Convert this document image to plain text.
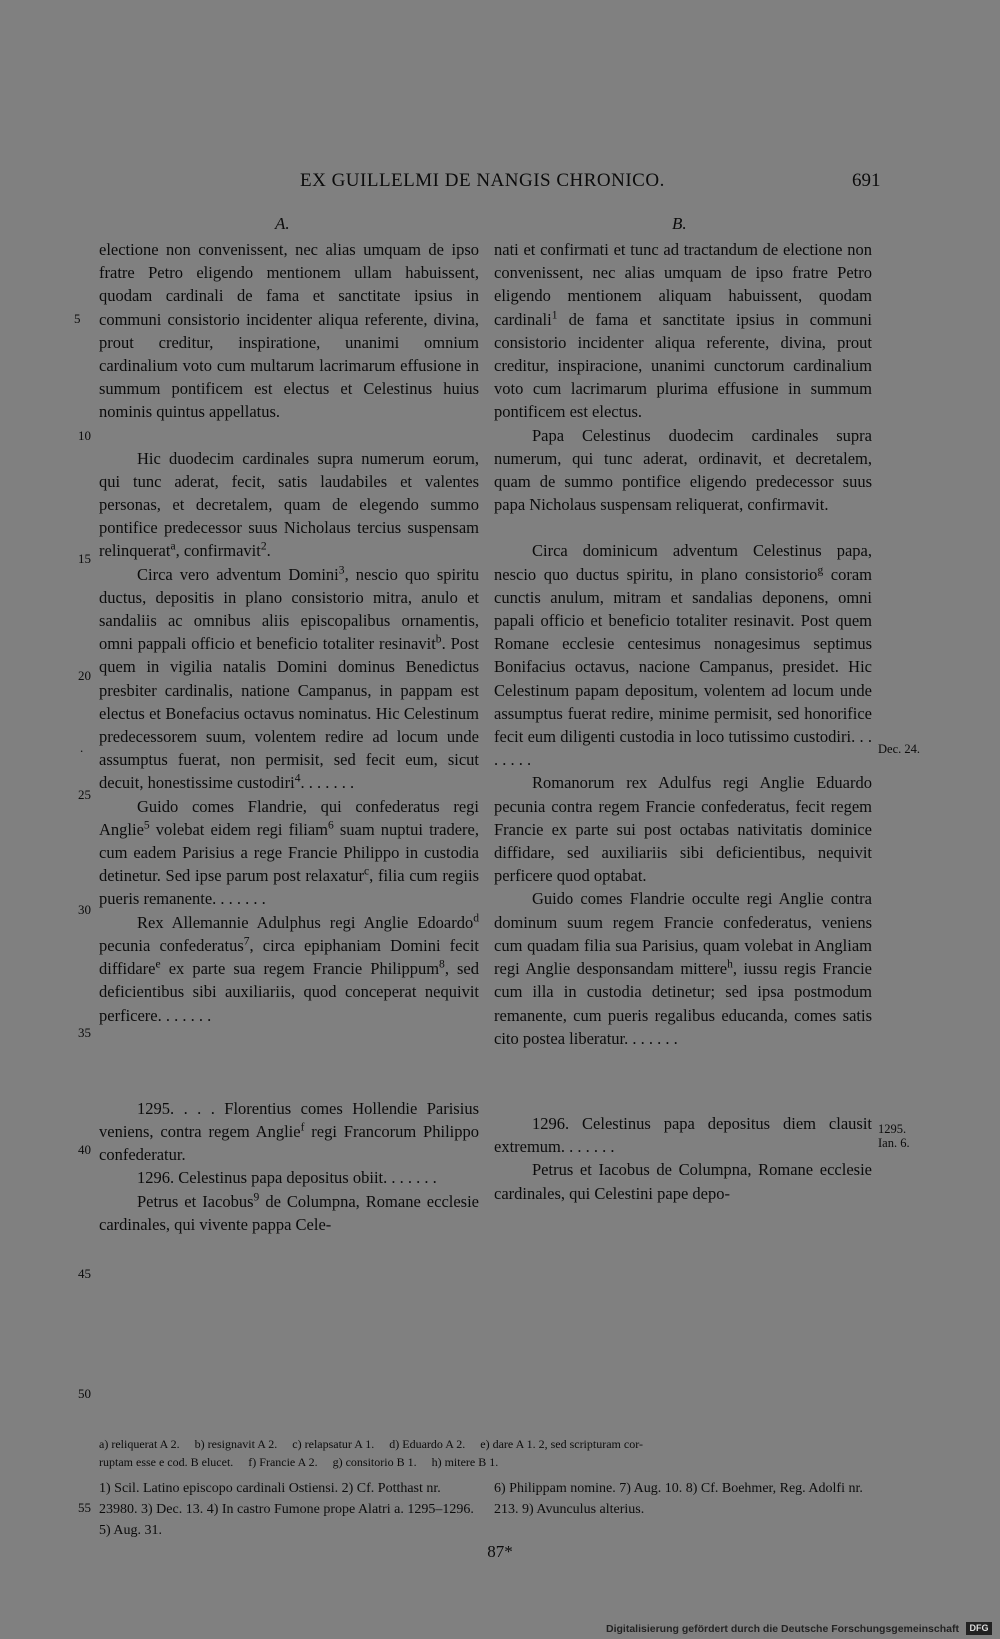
EX GUILLELMI DE NANGIS CHRONICO.	691
A.	B.

electione non convenissent, nec alias umquam de ipso fratre Petro eligendo mentionem ullam habuissent, quodam cardinali de fama et sanctitate ipsius in communi consistorio incidenter aliqua referente, divina, prout creditur, inspiratione, unanimi omnium cardinalium voto cum multarum lacrimarum effusione in summum pontificem est electus et Celestinus huius nominis quintus appellatus.

Hic duodecim cardinales supra numerum eorum, qui tunc aderat, fecit, satis laudabiles et valentes personas, et decretalem, quam de elegendo summo pontifice predecessor suus Nicholaus tercius suspensam relinquerat$^a$, confirmavit$^2$.

Circa vero adventum Domini$^3$, nescio quo spiritu ductus, depositis in plano consistorio mitra, anulo et sandaliis ac omnibus aliis episcopalibus ornamentis, omni pappali officio et beneficio totaliter resinavit$^b$. Post quem in vigilia natalis Domini dominus Benedictus presbiter cardinalis, natione Campanus, in pappam est electus et Bonefacius octavus nominatus. Hic Celestinum predecessorem suum, volentem redire ad locum unde assumptus fuerat, non permisit, sed fecit eum, sicut decuit, honestissime custodiri$^4$. . . . . . .

Guido comes Flandrie, qui confederatus regi Anglie$^5$ volebat eidem regi filiam$^6$ suam nuptui tradere, cum eadem Parisius a rege Francie Philippo in custodia detinetur. Sed ipse parum post relaxatur$^c$, filia cum regiis pueris remanente. . . . . . .

Rex Allemannie Adulphus regi Anglie Edoardo$^d$ pecunia confederatus$^7$, circa epiphaniam Domini fecit diffidare$^e$ ex parte sua regem Francie Philippum$^8$, sed deficientibus sibi auxiliariis, quod conceperat nequivit perficere. . . . . . .

1295. . . . Florentius comes Hollendie Parisius veniens, contra regem Anglie$^f$ regi Francorum Philippo confederatur.

1296. Celestinus papa depositus obiit. . . . . . .

Petrus et Iacobus$^9$ de Columpna, Romane ecclesie cardinales, qui vivente pappa Cele-

nati et confirmati et tunc ad tractandum de electione non convenissent, nec alias umquam de ipso fratre Petro eligendo mentionem aliquam habuissent, quodam cardinali$^1$ de fama et sanctitate ipsius in communi consistorio incidenter aliqua referente, divina, prout creditur, inspiracione, unanimi cunctorum cardinalium voto cum lacrimarum plurima effusione in summum pontificem est electus.

Papa Celestinus duodecim cardinales supra numerum, qui tunc aderat, ordinavit, et decretalem, quam de summo pontifice eligendo predecessor suus papa Nicholaus suspensam reliquerat, confirmavit.

Circa dominicum adventum Celestinus papa, nescio quo ductus spiritu, in plano consistorio$^g$ coram cunctis anulum, mitram et sandalias deponens, omni papali officio et beneficio totaliter resinavit. Post quem Romane ecclesie centesimus nonagesimus septimus Bonifacius octavus, nacione Campanus, presidet. Hic Celestinum papam depositum, volentem ad locum unde assumptus fuerat redire, minime permisit, sed honorifice fecit eum diligenti custodia in loco tutissimo custodiri. . . . . . . .

Romanorum rex Adulfus regi Anglie Eduardo pecunia contra regem Francie confederatus, fecit regem Francie ex parte sui post octabas nativitatis dominice diffidare, sed auxiliariis sibi deficientibus, nequivit perficere quod optabat.

Guido comes Flandrie occulte regi Anglie contra dominum suum regem Francie confederatus, veniens cum quadam filia sua Parisius, quam volebat in Angliam regi Anglie desponsandam mittere$^h$, iussu regis Francie cum illa in custodia detinetur; sed ipsa postmodum remanente, cum pueris regalibus educanda, comes satis cito postea liberatur. . . . . . .

1296. Celestinus papa depositus diem clausit extremum. . . . . . .

Petrus et Iacobus de Columpna, Romane ecclesie cardinales, qui Celestini pape depo-

5
10
15
20
.
25
30
35
40
45
50
55
Dec. 24.
1295.
Ian. 6.
a) reliquerat A 2.     b) resignavit A 2.     c) relapsatur A 1.     d) Eduardo A 2.     e) dare A 1. 2, sed scripturam cor-
ruptam esse e cod. B elucet.     f) Francie A 2.     g) consitorio B 1.     h) mitere B 1.
1) Scil. Latino episcopo cardinali Ostiensi. 2) Cf. Potthast nr. 23980. 3) Dec. 13. 4) In castro Fumone prope Alatri a. 1295–1296. 5) Aug. 31.
6) Philippam nomine. 7) Aug. 10. 8) Cf. Boehmer, Reg. Adolfi nr. 213. 9) Avunculus alterius.
87*
Digitalisierung gefördert durch die Deutsche Forschungsgemeinschaft	DFG
